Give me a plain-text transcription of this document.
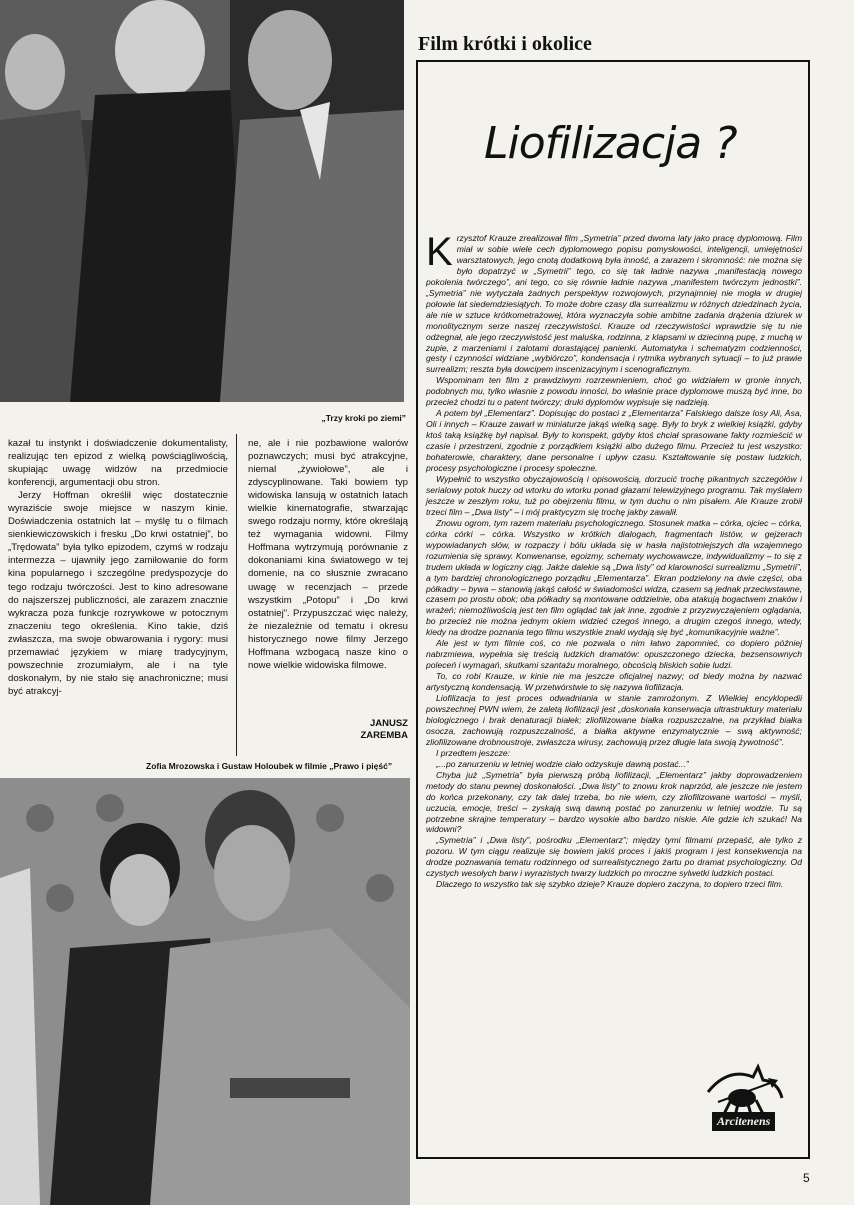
„Trzy kroki po ziemi”

kazał tu instynkt i doświadczenie dokumentalisty, realizując ten epizod z wielką powściągliwością, skupiając uwagę widzów na przedmiocie konferencji, argumentacji obu stron.

Jerzy Hoffman określił więc dostatecznie wyraziście swoje miejsce w naszym kinie. Doświadczenia ostatnich lat – myślę tu o filmach sienkiewiczowskich i fresku „Do krwi ostatniej”, bo „Trędowata” była tylko epizodem, czymś w rodzaju intermezza – ujawniły jego zamiłowanie do form kina popularnego i szczególne predyspozycje do tego rodzaju twórczości. Jest to kino adresowane do najszerszej publiczności, ale zarazem znacznie wykracza poza funkcje rozrywkowe w potocznym znaczeniu tego określenia. Kino takie, dziś zwłaszcza, ma swoje obwarowania i rygory: musi przemawiać językiem w miarę tradycyjnym, powszechnie zrozumiałym, ale i na tyle doskonałym, by nie stało się anachroniczne; musi być atrakcyj-

ne, ale i nie pozbawione walorów poznawczych; musi być atrakcyjne, niemal „żywiołowe”, ale i zdyscyplinowane. Taki bowiem typ widowiska lansują w ostatnich latach wielkie kinematografie, stwarzając swego rodzaju normy, które określają też wymagania widowni. Filmy Hoffmana wytrzymują porównanie z dokonaniami kina światowego w tej domenie, na co słusznie zwracano uwagę w recenzjach – przede wszystkim „Potopu” i „Do krwi ostatniej”. Przypuszczać więc należy, że niezależnie od tematu i okresu historycznego nowe filmy Jerzego Hoffmana wzbogacą nasze kino o nowe wielkie widowiska filmowe.

JANUSZ ZAREMBA
Zofia Mrozowska i Gustaw Holoubek w filmie „Prawo i pięść”
Film krótki i okolice
Liofilizacja ?

Krzysztof Krauze zrealizował film „Symetria” przed dwoma laty jako pracę dyplomową. Film miał w sobie wiele cech dyplomowego popisu pomysłowości, inteligencji, umiejętności warsztatowych, jego cnotą dodatkową była inność, a zarazem i skromność: nie można się było dopatrzyć w „Symetrii” tego, co się tak ładnie nazywa „manifestacją nowego pokolenia twórczego”, ani tego, co się równie ładnie nazywa „manifestem twórczym jednostki”. „Symetria” nie wytyczała żadnych perspektyw rozwojowych, przynajmniej nie mogła w drugiej połowie lat siedemdziesiątych. To może dobre czasy dla surrealizmu w różnych dziedzinach życia, ale nie w sztuce krótkometrażowej, która wyznaczyła sobie ambitne zadania drążenia dziurek w monolitycznym serze naszej rzeczywistości. Krauze od rzeczywistości wprawdzie się tu nie odżegnał, ale jego rzeczywistość jest maluśka, rodzinna, z klapsami w dziecinną pupę, z muchą w zupie, z marzeniami i zalotami dorastającej panienki. Automatyka i schematyzm codzienności, gesty i czynności widziane „wybiórczo”, kondensacja i rytmika wybranych sytuacji – to już prawie surrealizm; reszta była dowcipem inscenizacyjnym i scenograficznym.

Wspominam ten film z prawdziwym rozrzewnieniem, choć go widziałem w gronie innych, podobnych mu, tylko własnie z powodu inności, bo właśnie prace dyplomowe muszą być inne, bo przecież chodzi tu o patent twórczy; druki dyplomów wypisuje się nadzieją.

A potem był „Elementarz”. Dopisując do postaci z „Elementarza” Falskiego dalsze losy Ali, Asa, Oli i innych – Krauze zawarł w miniaturze jakąś wielką sagę. Były to bryk z wielkiej książki, gdyby ktoś taką książkę był napisał. Były to konspekt, gdyby ktoś chciał sprasowane fakty rozmieścić w czasie i przestrzeni, zgodnie z porządkiem książki albo dużego filmu. Przecież tu jest wszystko: bohaterowie, charaktery, dane personalne i upływ czasu. Kształtowanie się postaw ludzkich, procesy psychologiczne i procesy społeczne.

Wypełnić to wszystko obyczajowością i opisowością, dorzucić trochę pikantnych szczegółów i serialowy potok huczy od wtorku do wtorku ponad głazami telewizyjnego programu. Tak myślałem jeszcze w zeszłym roku, tuż po obejrzeniu filmu, w tym duchu o nim pisałem. Ale Krauze zrobił trzeci film – „Dwa listy” – i mój praktycyzm się trochę jakby zawalił.

Znowu ogrom, tym razem materiału psychologicznego. Stosunek matka – córka, ojciec – córka, córka córki – córka. Wszystko w krótkich dialogach, fragmentach listów, w gejzerach wypowiadanych słów, w rozpaczy i bólu układa się w hasła najistotniejszych dla wzajemnego rozumienia się sprawy. Konwenanse, egoizmy, schematy wychowawcze, indywidualizmy – to się z trudem układa w logiczny ciąg. Jakże dalekie są „Dwa listy” od klarowności surrealizmu „Symetrii”, a tym bardziej chronologicznego porządku „Elementarza”. Ekran podzielony na dwie części, oba półkadry – bywa – stanowią jakąś całość w świadomości widza, czasem są jednak przeciwstawne, czasem po prostu obok; oba półkadry są montowane oddzielnie, oba atakują bogactwem znaków i wrażeń; niemożliwością jest ten film oglądać tak jak inne, zgodnie z przyzwyczajeniem oglądania, bo przecież nie można jednym okiem widzieć czegoś innego, a drugim czegoś innego, wtedy, kiedy na drodze poznania tego filmu wszystkie znaki wydają się być „komunikacyjnie ważne”.

Ale jest w tym filmie coś, co nie pozwala o nim łatwo zapomnieć, co dopiero później nabrzmiewa, wypełnia się treścią ludzkich dramatów: opuszczonego dziecka, bezsensownych poleceń i wymagań, skutkami szantażu moralnego, obcością bliskich sobie ludzi.

To, co robi Krauze, w kinie nie ma jeszcze oficjalnej nazwy; od biedy można by nazwać artystyczną kondensacją. W przetwórstwie to się nazywa liofilizacja.

Liofilizacja to jest proces odwadniania w stanie zamrożonym. Z Wielkiej encyklopedii powszechnej PWN wiem, że zaletą liofilizacji jest „doskonała konserwacja ultrastruktury materiału biologicznego i brak denaturacji białek; zliofilizowane białka rozpuszczalne, na przykład białka osocza, zachowują rozpuszczalność, a białka aktywne enzymatycznie – swą aktywność; zliofilizowane drobnoustroje, zwłaszcza wirusy, zachowują przez długie lata swoją żywotność”.

I przedtem jeszcze:

„...po zanurzeniu w letniej wodzie ciało odzyskuje dawną postać...”

Chyba już „Symetria” była pierwszą próbą liofilizacji, „Elementarz” jakby doprowadzeniem metody do stanu pewnej doskonałości. „Dwa listy” to znowu krok naprzód, ale jeszcze nie jestem do końca przekonany, czy tak dalej trzeba, bo nie wiem, czy zliofilizowane wartości – myśli, uczucia, emocje, treści – zyskają swą dawną postać po zanurzeniu w letniej wodzie. Tu są potrzebne skrajne temperatury – bardzo wysokie albo bardzo niskie. Ale gdzie ich szukać! Na widowni?

„Symetria” i „Dwa listy”, pośrodku „Elementarz”; między tymi filmami przepaść, ale tylko z pozoru. W tym ciągu realizuje się bowiem jakiś proces i jakiś program i jest konsekwencja na drodze poznawania tematu rodzinnego od surrealistycznego żartu po dramat psychologiczny. Od czystych wesołych barw i wyrazistych twarzy ludzkich po mroczne sylwetki ludzkich postaci.

Dlaczego to wszystko tak się szybko dzieje? Krauze dopiero zaczyna, to dopiero trzeci film.

Arcitenens
5
